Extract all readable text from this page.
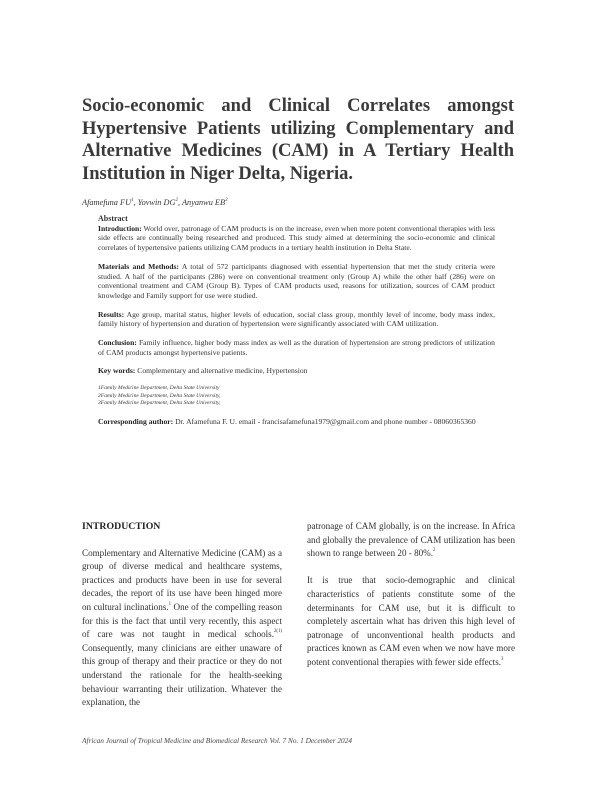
Socio-economic and Clinical Correlates amongst Hypertensive Patients utilizing Complementary and Alternative Medicines (CAM) in A Tertiary Health Institution in Niger Delta, Nigeria.
Afamefuna $FU^1$, Yovwin $DG^2$, Anyanwu $EB^3$

Abstract

Introduction: World over, patronage of CAM products is on the increase, even when more potent conventional therapies with less side effects are continually being researched and produced. This study aimed at determining the socio-economic and clinical correlates of hypertensive patients utilizing CAM products in a tertiary health institution in Delta State.

Materials and Methods: A total of 572 participants diagnosed with essential hypertension that met the study criteria were studied. A half of the participants (286) were on conventional treatment only (Group A) while the other half (286) were on conventional treatment and CAM (Group B). Types of CAM products used, reasons for utilization, sources of CAM product knowledge and Family support for use were studied.

Results: Age group, marital status, higher levels of education, social class group, monthly level of income, body mass index, family history of hypertension and duration of hypertension were significantly associated with CAM utilization.

Conclusion: Family influence, higher body mass index as well as the duration of hypertension are strong predictors of utilization of CAM products amongst hypertensive patients.

Key words: Complementary and alternative medicine, Hypertension

1Family Medicine Department, Delta State University
2Family Medicine Department, Delta State University,
3Family Medicine Department, Delta State University,

Corresponding author: Dr. Afamefuna F. U. email - francisafamefuna1979@gmail.com and phone number - 08060365360

INTRODUCTION

Complementary and Alternative Medicine (CAM) as a group of diverse medical and healthcare systems, practices and products have been in use for several decades, the report of its use have been hinged more on cultural inclinations.$^1$ One of the compelling reason for this is the fact that until very recently, this aspect of care was not taught in medical schools.$^{2(1)}$ Consequently, many clinicians are either unaware of this group of therapy and their practice or they do not understand the rationale for the health-seeking behaviour warranting their utilization. Whatever the explanation, the

patronage of CAM globally, is on the increase. In Africa and globally the prevalence of CAM utilization has been shown to range between 20 - 80%.$^2$

It is true that socio-demographic and clinical characteristics of patients constitute some of the determinants for CAM use, but it is difficult to completely ascertain what has driven this high level of patronage of unconventional health products and practices known as CAM even when we now have more potent conventional therapies with fewer side effects.$^3$

African Journal of Tropical Medicine and Biomedical Research Vol. 7 No. 1 December 2024
